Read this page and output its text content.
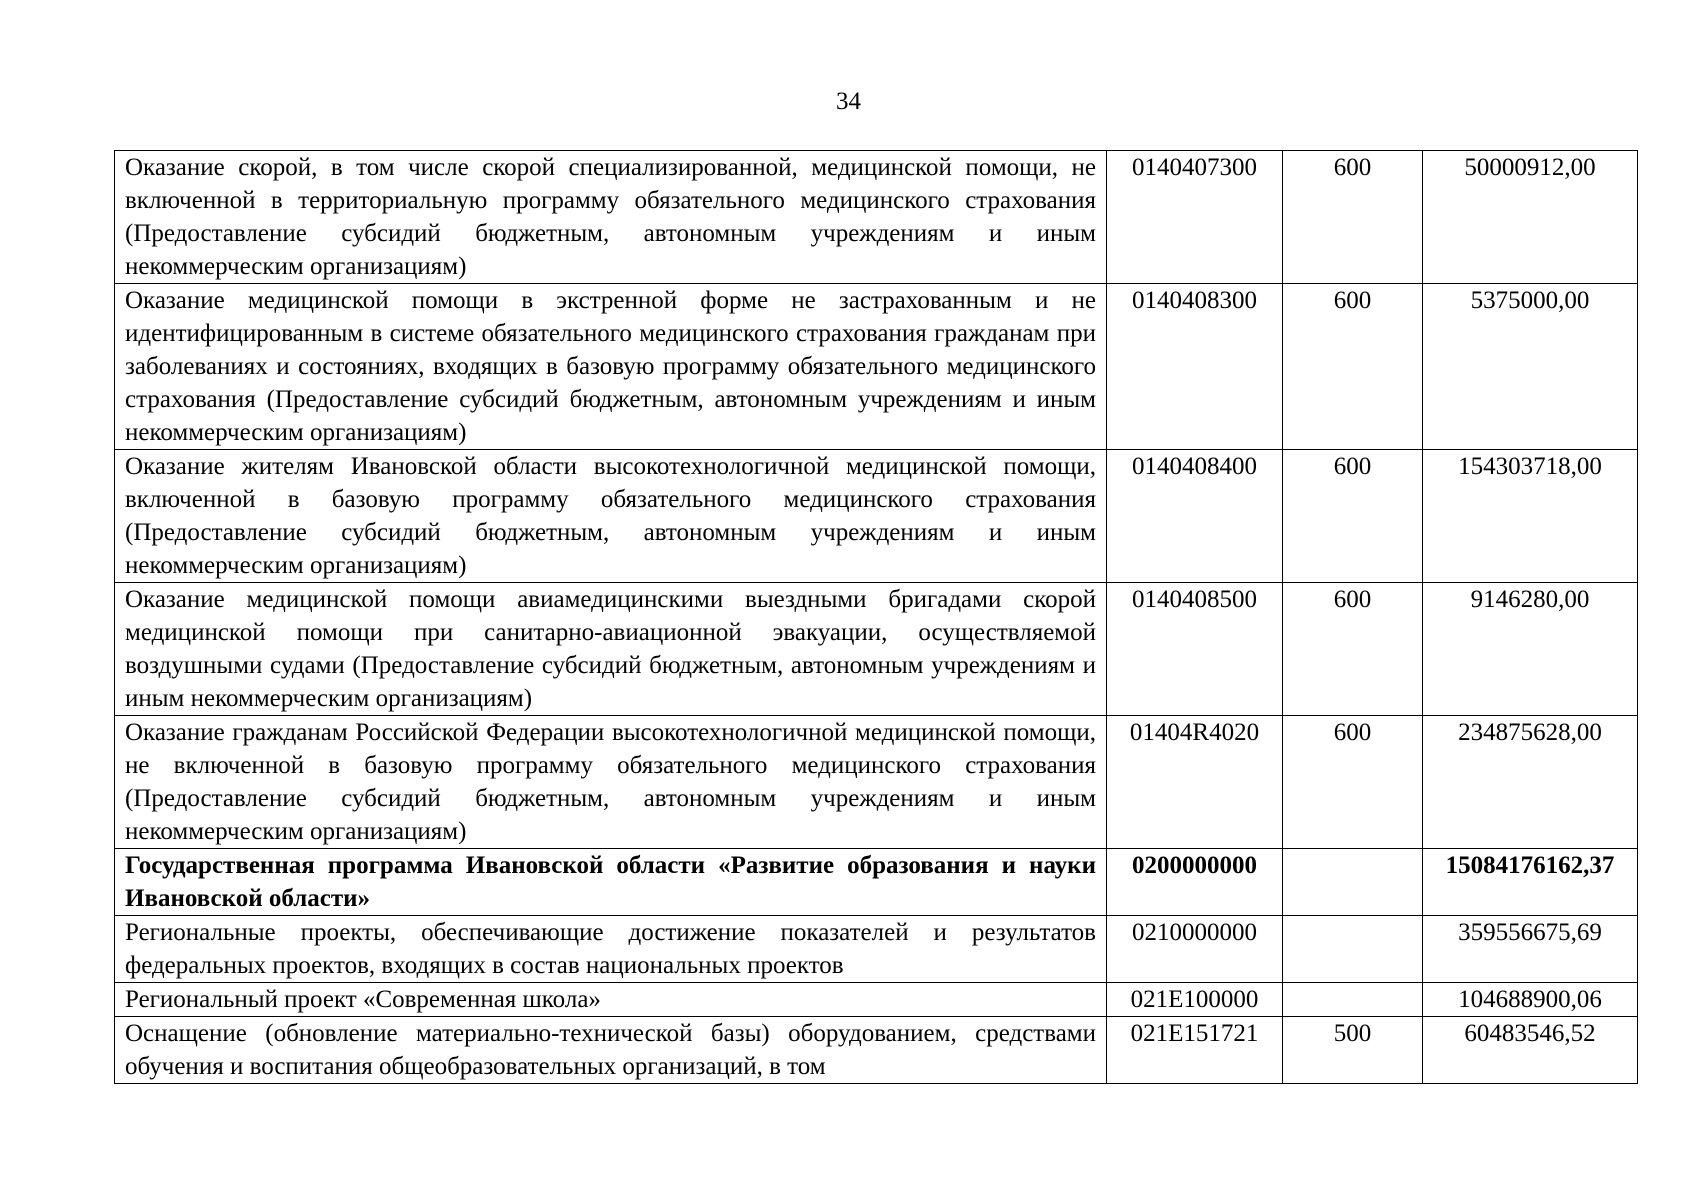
34
Оказание скорой, в том числе скорой специализированной, медицинской помощи, не включенной в территориальную программу обязательного медицинского страхования (Предоставление субсидий бюджетным, автономным учреждениям и иным некоммерческим организациям)	0140407300	600	50000912,00
Оказание медицинской помощи в экстренной форме не застрахованным и не идентифицированным в системе обязательного медицинского страхования гражданам при заболеваниях и состояниях, входящих в базовую программу обязательного медицинского страхования (Предоставление субсидий бюджетным, автономным учреждениям и иным некоммерческим организациям)	0140408300	600	5375000,00
Оказание жителям Ивановской области высокотехнологичной медицинской помощи, включенной в базовую программу обязательного медицинского страхования (Предоставление субсидий бюджетным, автономным учреждениям и иным некоммерческим организациям)	0140408400	600	154303718,00
Оказание медицинской помощи авиамедицинскими выездными бригадами скорой медицинской помощи при санитарно-авиационной эвакуации, осуществляемой воздушными судами (Предоставление субсидий бюджетным, автономным учреждениям и иным некоммерческим организациям)	0140408500	600	9146280,00
Оказание гражданам Российской Федерации высокотехнологичной медицинской помощи, не включенной в базовую программу обязательного медицинского страхования (Предоставление субсидий бюджетным, автономным учреждениям и иным некоммерческим организациям)	01404R4020	600	234875628,00
Государственная программа Ивановской области «Развитие образования и науки Ивановской области»	0200000000		15084176162,37
Региональные проекты, обеспечивающие достижение показателей и результатов федеральных проектов, входящих в состав национальных проектов	0210000000		359556675,69
Региональный проект «Современная школа»	021E100000		104688900,06
Оснащение (обновление материально-технической базы) оборудованием, средствами обучения и воспитания общеобразовательных организаций, в том	021E151721	500	60483546,52
